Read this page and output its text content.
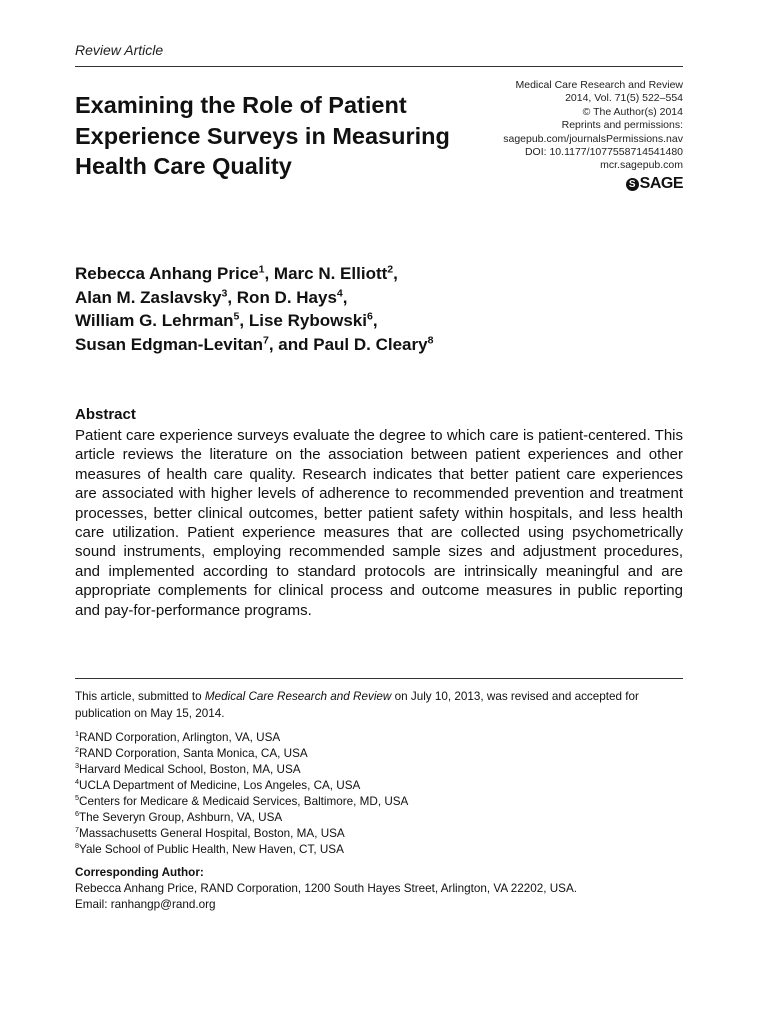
Review Article
Examining the Role of Patient Experience Surveys in Measuring Health Care Quality
Medical Care Research and Review
2014, Vol. 71(5) 522–554
© The Author(s) 2014
Reprints and permissions:
sagepub.com/journalsPermissions.nav
DOI: 10.1177/1077558714541480
mcr.sagepub.com
S SAGE

Rebecca Anhang Price$^1$, Marc N. Elliott$^2$,
Alan M. Zaslavsky$^3$, Ron D. Hays$^4$,
William G. Lehrman$^5$, Lise Rybowski$^6$,
Susan Edgman-Levitan$^7$, and Paul D. Cleary$^8$

Abstract

Patient care experience surveys evaluate the degree to which care is patient-centered. This article reviews the literature on the association between patient experiences and other measures of health care quality. Research indicates that better patient care experiences are associated with higher levels of adherence to recommended prevention and treatment processes, better clinical outcomes, better patient safety within hospitals, and less health care utilization. Patient experience measures that are collected using psychometrically sound instruments, employing recommended sample sizes and adjustment procedures, and implemented according to standard protocols are intrinsically meaningful and are appropriate complements for clinical process and outcome measures in public reporting and pay-for-performance programs.

This article, submitted to Medical Care Research and Review on July 10, 2013, was revised and accepted for publication on May 15, 2014.

$^1$RAND Corporation, Arlington, VA, USA
$^2$RAND Corporation, Santa Monica, CA, USA
$^3$Harvard Medical School, Boston, MA, USA
$^4$UCLA Department of Medicine, Los Angeles, CA, USA
$^5$Centers for Medicare & Medicaid Services, Baltimore, MD, USA
$^6$The Severyn Group, Ashburn, VA, USA
$^7$Massachusetts General Hospital, Boston, MA, USA
$^8$Yale School of Public Health, New Haven, CT, USA
Corresponding Author:
Rebecca Anhang Price, RAND Corporation, 1200 South Hayes Street, Arlington, VA 22202, USA.
Email: ranhangp@rand.org
